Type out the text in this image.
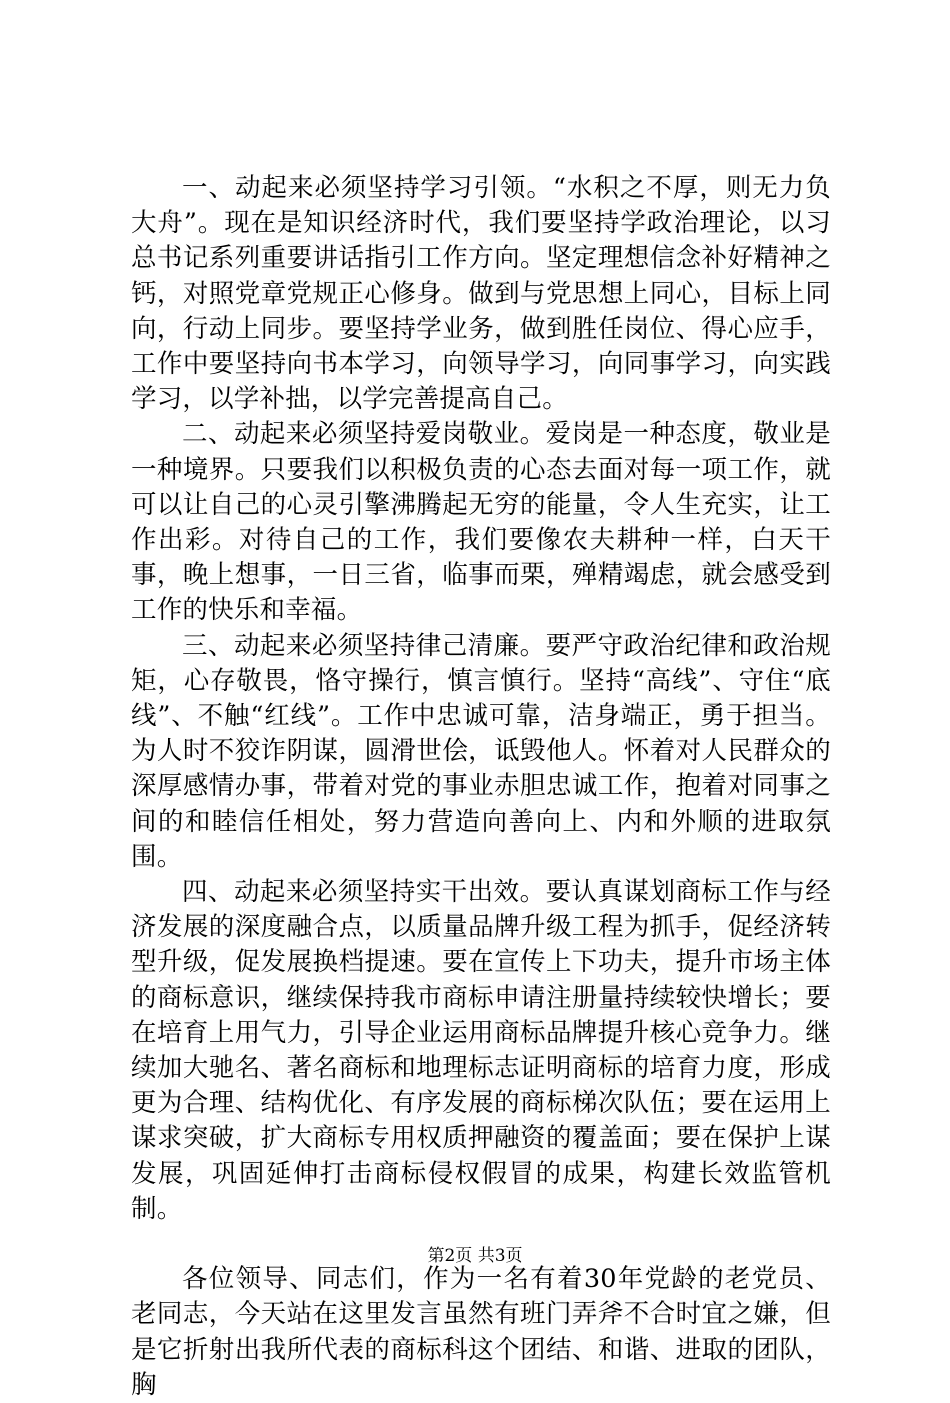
一、动起来必须坚持学习引领。“水积之不厚，则无力负大舟”。现在是知识经济时代，我们要坚持学政治理论，以习总书记系列重要讲话指引工作方向。坚定理想信念补好精神之钙，对照党章党规正心修身。做到与党思想上同心，目标上同向，行动上同步。要坚持学业务，做到胜任岗位、得心应手，工作中要坚持向书本学习，向领导学习，向同事学习，向实践学习，以学补拙，以学完善提高自己。

二、动起来必须坚持爱岗敬业。爱岗是一种态度，敬业是一种境界。只要我们以积极负责的心态去面对每一项工作，就可以让自己的心灵引擎沸腾起无穷的能量，令人生充实，让工作出彩。对待自己的工作，我们要像农夫耕种一样，白天干事，晚上想事，一日三省，临事而栗，殚精竭虑，就会感受到工作的快乐和幸福。

三、动起来必须坚持律己清廉。要严守政治纪律和政治规矩，心存敬畏，恪守操行，慎言慎行。坚持“高线”、守住“底线”、不触“红线”。工作中忠诚可靠，洁身端正，勇于担当。为人时不狡诈阴谋，圆滑世侩，诋毁他人。怀着对人民群众的深厚感情办事，带着对党的事业赤胆忠诚工作，抱着对同事之间的和睦信任相处，努力营造向善向上、内和外顺的进取氛围。

四、动起来必须坚持实干出效。要认真谋划商标工作与经济发展的深度融合点，以质量品牌升级工程为抓手，促经济转型升级，促发展换档提速。要在宣传上下功夫，提升市场主体的商标意识，继续保持我市商标申请注册量持续较快增长；要在培育上用气力，引导企业运用商标品牌提升核心竞争力。继续加大驰名、著名商标和地理标志证明商标的培育力度，形成更为合理、结构优化、有序发展的商标梯次队伍；要在运用上谋求突破，扩大商标专用权质押融资的覆盖面；要在保护上谋发展，巩固延伸打击商标侵权假冒的成果，构建长效监管机制。

各位领导、同志们，作为一名有着30年党龄的老党员、老同志，今天站在这里发言虽然有班门弄斧不合时宜之嫌，但是它折射出我所代表的商标科这个团结、和谐、进取的团队，胸

第2页 共3页
